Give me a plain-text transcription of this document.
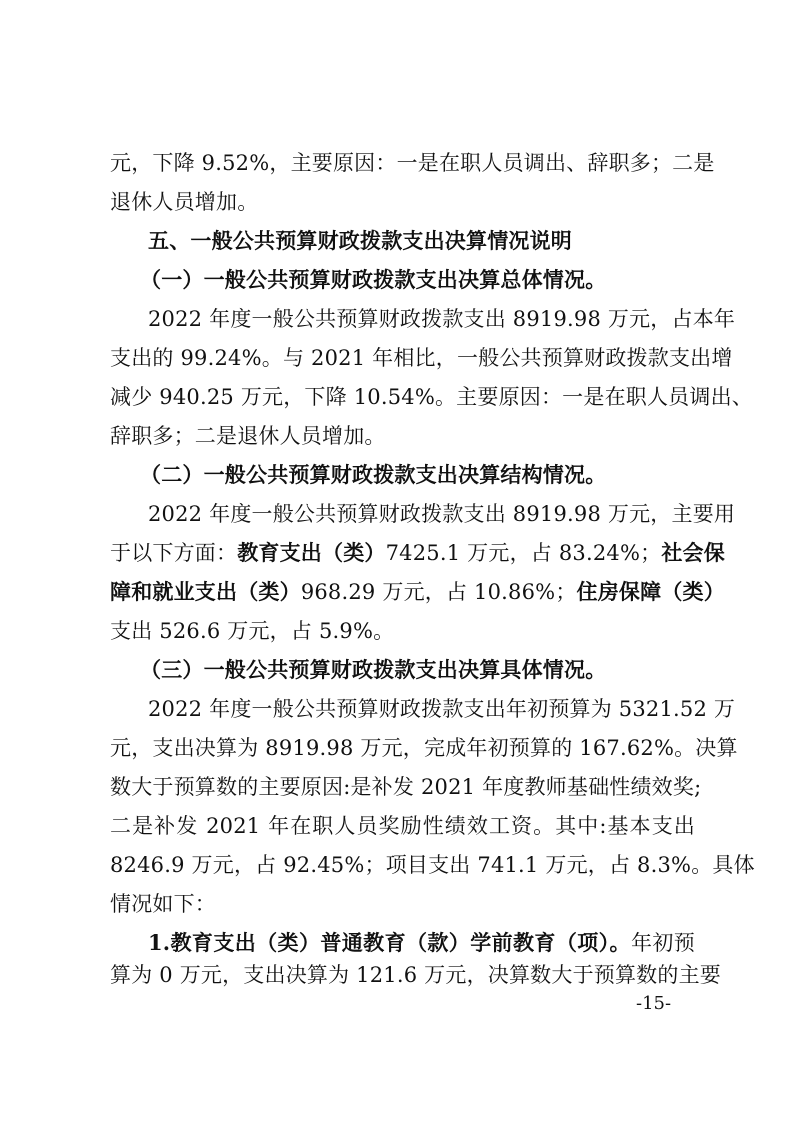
元，下降 9.52%，主要原因：一是在职人员调出、辞职多；二是
退休人员增加。
五、一般公共预算财政拨款支出决算情况说明
（一）一般公共预算财政拨款支出决算总体情况。
2022 年度一般公共预算财政拨款支出 8919.98 万元，占本年
支出的 99.24%。与 2021 年相比，一般公共预算财政拨款支出增
减少 940.25 万元，下降 10.54%。主要原因：一是在职人员调出、
辞职多；二是退休人员增加。
（二）一般公共预算财政拨款支出决算结构情况。
2022 年度一般公共预算财政拨款支出 8919.98 万元，主要用
于以下方面：教育支出（类）7425.1 万元，占 83.24%；社会保
障和就业支出（类）968.29 万元，占 10.86%；住房保障（类）
支出 526.6 万元，占 5.9%。
（三）一般公共预算财政拨款支出决算具体情况。
2022 年度一般公共预算财政拨款支出年初预算为 5321.52 万
元，支出决算为 8919.98 万元，完成年初预算的 167.62%。决算
数大于预算数的主要原因:是补发 2021 年度教师基础性绩效奖;
二是补发 2021 年在职人员奖励性绩效工资。其中:基本支出
8246.9 万元，占 92.45%；项目支出 741.1 万元，占 8.3%。具体
情况如下：
1.教育支出（类）普通教育（款）学前教育（项）。年初预
算为 0 万元，支出决算为 121.6 万元，决算数大于预算数的主要
-15-
